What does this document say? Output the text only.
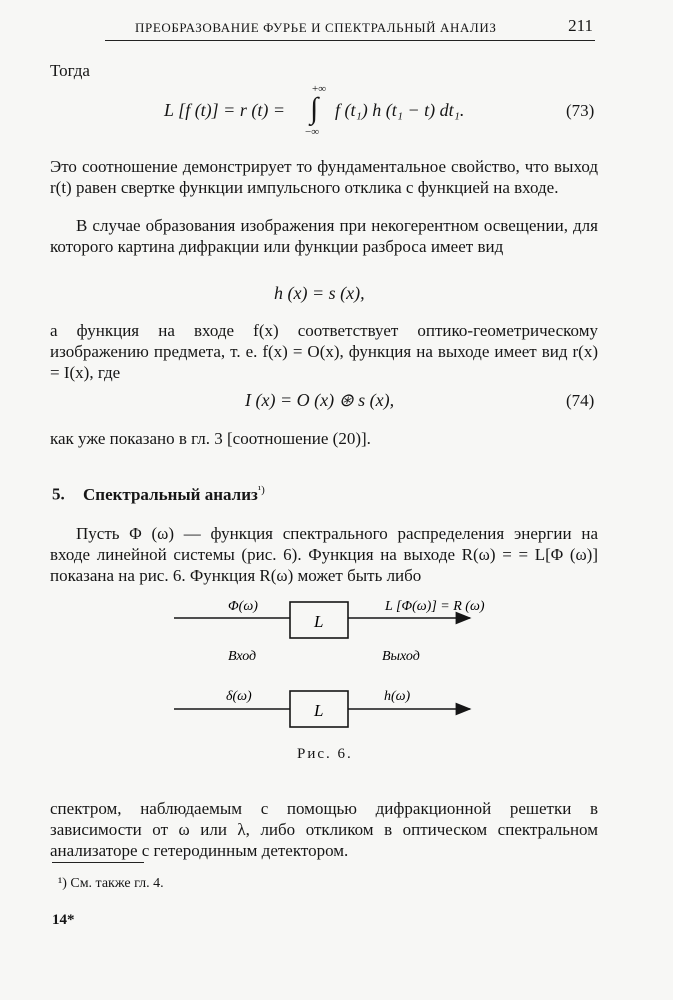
ПРЕОБРАЗОВАНИЕ ФУРЬЕ И СПЕКТРАЛЬНЫЙ АНАЛИЗ	211
Тогда
+∞
L [f (t)] = r (t) = ∫ f (t₁) h (t₁ − t) dt₁.
−∞
(73)

Это соотношение демонстрирует то фундаментальное свойство, что выход r(t) равен свертке функции импульсного отклика с функцией на входе.

В случае образования изображения при некогерентном освещении, для которого картина дифракции или функции разброса имеет вид

h (x) = s (x),

а функция на входе f(x) соответствует оптико-геометрическому изображению предмета, т. е. f(x) = O(x), функция на выходе имеет вид r(x) = I(x), где

I (x) = O (x) ⊛ s (x),	(74)

как уже показано в гл. 3 [соотношение (20)].

5. Спектральный анализ$^{^1)}$

Пусть Φ (ω) — функция спектрального распределения энергии на входе линейной системы (рис. 6). Функция на выходе R(ω) = = L[Φ (ω)] показана на рис. 6. Функция R(ω) может быть либо

L
Φ(ω)	L [Φ(ω)] = R (ω)
Вход	Выход
L
δ(ω)	h(ω)
Рис. 6.

спектром, наблюдаемым с помощью дифракционной решетки в зависимости от ω или λ, либо откликом в оптическом спектральном анализаторе с гетеродинным детектором.

¹) См. также гл. 4.
14*
